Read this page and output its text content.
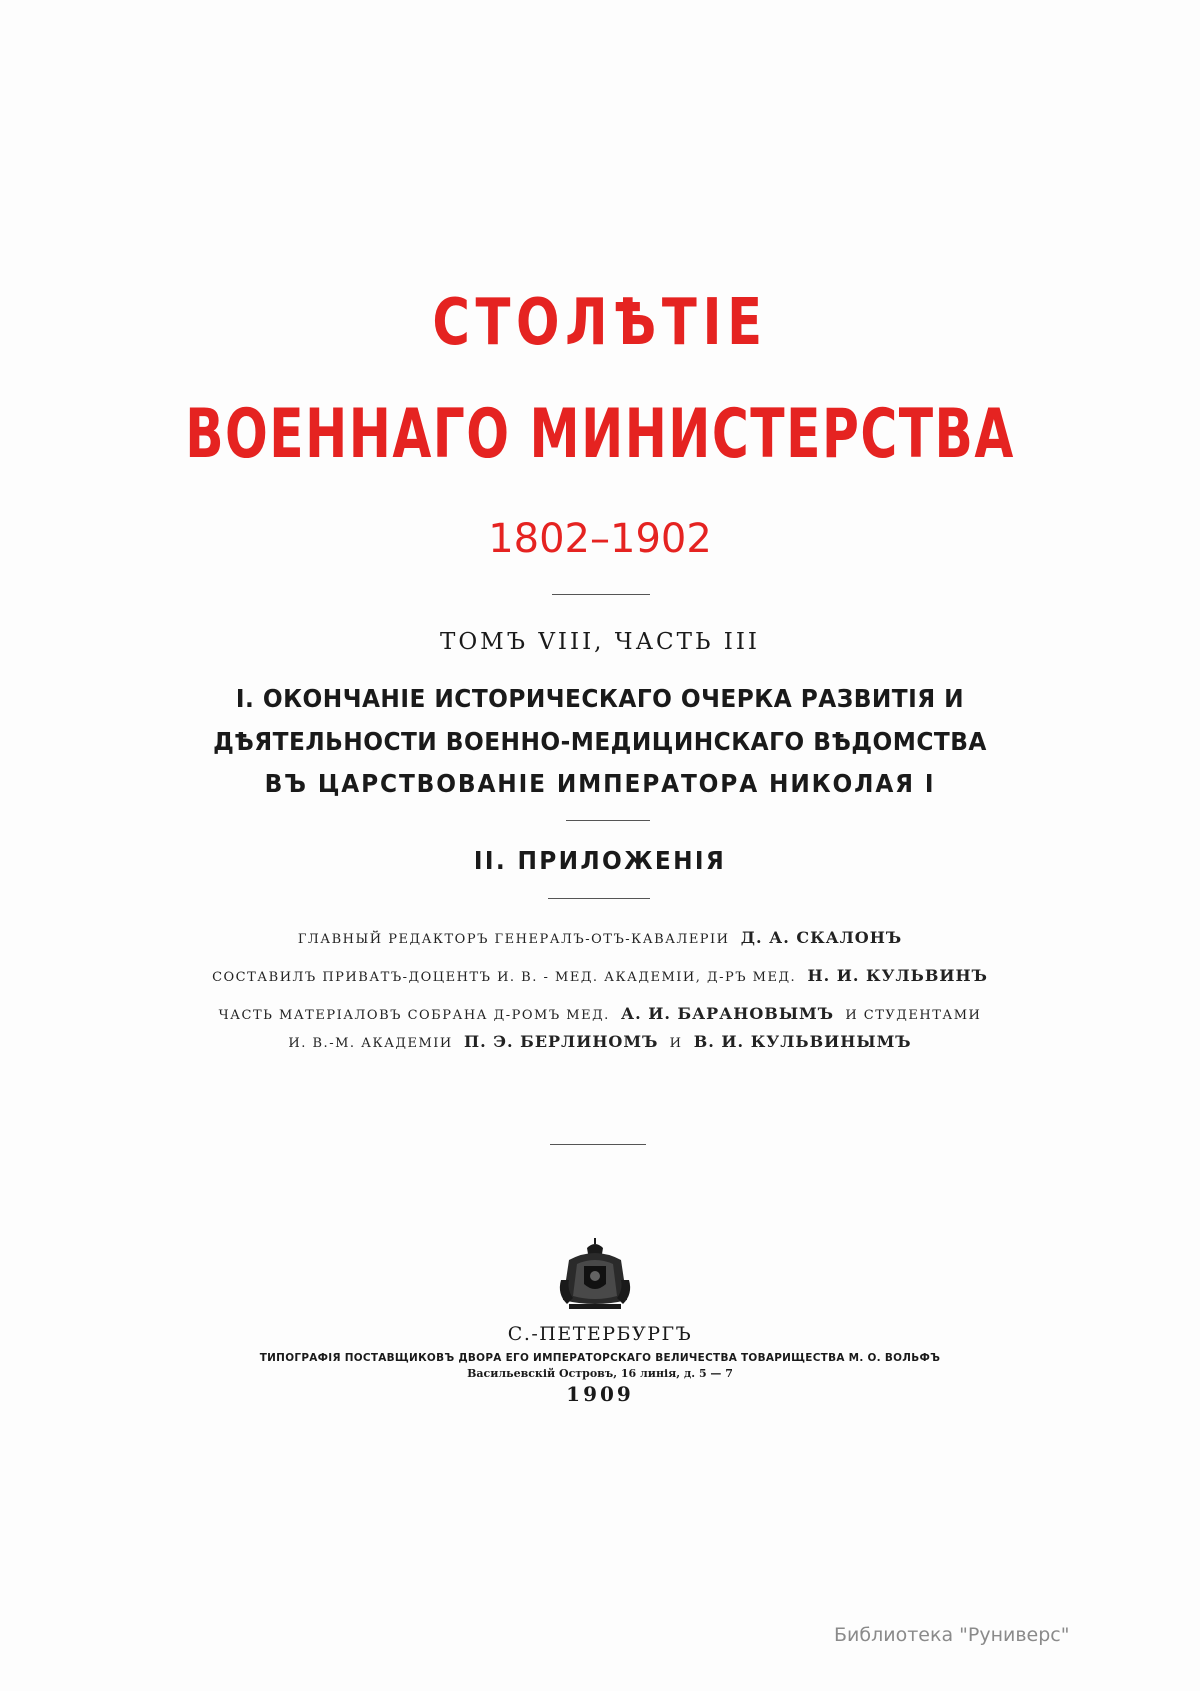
СТОЛѢТІЕ
ВОЕННАГО МИНИСТЕРСТВА
1802–1902
ТОМЪ VIII, ЧАСТЬ III
I. ОКОНЧАНІЕ ИСТОРИЧЕСКАГО ОЧЕРКА РАЗВИТІЯ И
ДѢЯТЕЛЬНОСТИ ВОЕННО-МЕДИЦИНСКАГО ВѢДОМСТВА
ВЪ ЦАРСТВОВАНІЕ ИМПЕРАТОРА НИКОЛАЯ I
II. ПРИЛОЖЕНІЯ
ГЛАВНЫЙ РЕДАКТОРЪ ГЕНЕРАЛЪ-ОТЪ-КАВАЛЕРІИ Д. А. СКАЛОНЪ
СОСТАВИЛЪ ПРИВАТЪ-ДОЦЕНТЪ И. В. - МЕД. АКАДЕМІИ, Д-РЪ МЕД. Н. И. КУЛЬВИНЪ
ЧАСТЬ МАТЕРІАЛОВЪ СОБРАНА Д-РОМЪ МЕД. А. И. БАРАНОВЫМЪ И СТУДЕНТАМИ
И. В.-М. АКАДЕМІИ П. Э. БЕРЛИНОМЪ И В. И. КУЛЬВИНЫМЪ
С.-ПЕТЕРБУРГЪ
ТИПОГРАФІЯ ПОСТАВЩИКОВЪ ДВОРА ЕГО ИМПЕРАТОРСКАГО ВЕЛИЧЕСТВА ТОВАРИЩЕСТВА М. О. ВОЛЬФЪ
Васильевскій Островъ, 16 линія, д. 5 — 7
1909
Библиотека "Руниверс"
